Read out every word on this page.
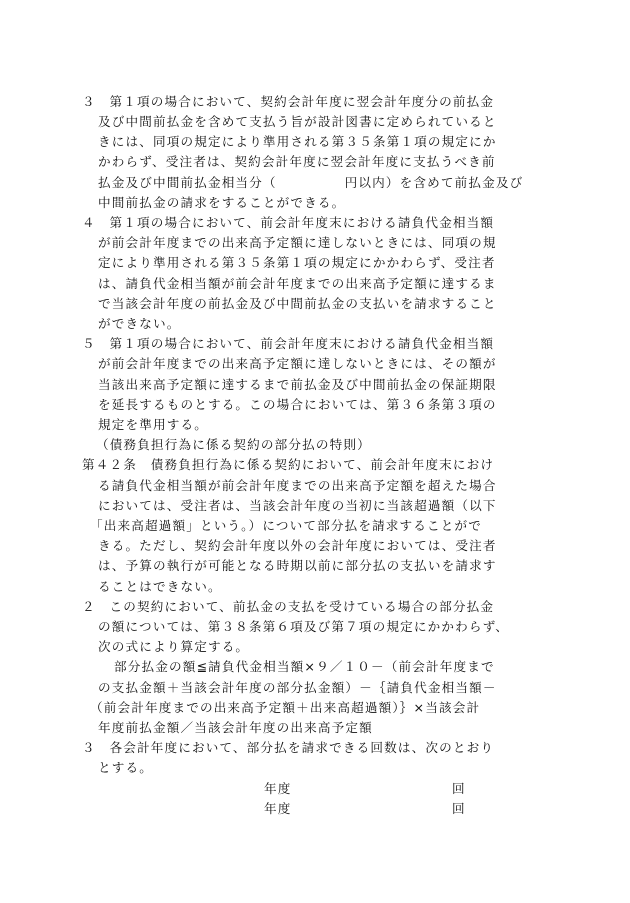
３　第１項の場合において、契約会計年度に翌会計年度分の前払金
及び中間前払金を含めて支払う旨が設計図書に定められていると
きには、同項の規定により準用される第３５条第１項の規定にか
かわらず、受注者は、契約会計年度に翌会計年度に支払うべき前
払金及び中間前払金相当分（	円以内）を含めて前払金及び
中間前払金の請求をすることができる。
４　第１項の場合において、前会計年度末における請負代金相当額
が前会計年度までの出来高予定額に達しないときには、同項の規
定により準用される第３５条第１項の規定にかかわらず、受注者
は、請負代金相当額が前会計年度までの出来高予定額に達するま
で当該会計年度の前払金及び中間前払金の支払いを請求すること
ができない。
５　第１項の場合において、前会計年度末における請負代金相当額
が前会計年度までの出来高予定額に達しないときには、その額が
当該出来高予定額に達するまで前払金及び中間前払金の保証期限
を延長するものとする。この場合においては、第３６条第３項の
規定を準用する。
（債務負担行為に係る契約の部分払の特則）
第４２条　債務負担行為に係る契約において、前会計年度末におけ
る請負代金相当額が前会計年度までの出来高予定額を超えた場合
においては、受注者は、当該会計年度の当初に当該超過額（以下
「出来高超過額」という。）について部分払を請求することがで
きる。ただし、契約会計年度以外の会計年度においては、受注者
は、予算の執行が可能となる時期以前に部分払の支払いを請求す
ることはできない。
２　この契約において、前払金の支払を受けている場合の部分払金
の額については、第３８条第６項及び第７項の規定にかかわらず、
次の式により算定する。
部分払金の額≦請負代金相当額×９／１０－（前会計年度まで
の支払金額＋当該会計年度の部分払金額）－｛請負代金相当額－
（前会計年度までの出来高予定額＋出来高超過額）｝×当該会計
年度前払金額／当該会計年度の出来高予定額
３　各会計年度において、部分払を請求できる回数は、次のとおり
とする。
年度	回
年度	回
